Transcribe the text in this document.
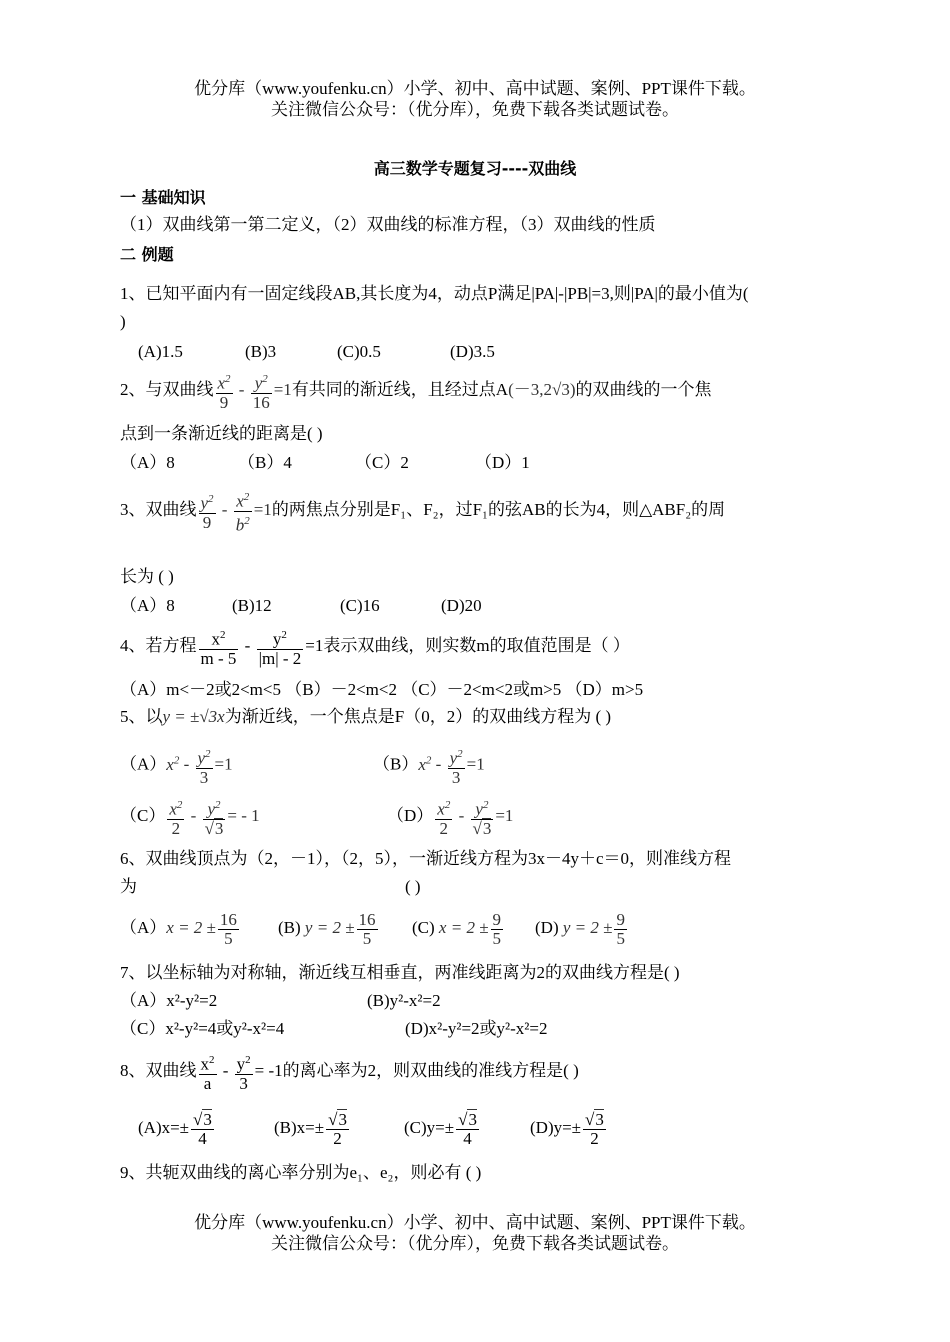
优分库（www.youfenku.cn）小学、初中、高中试题、案例、PPT课件下载。
关注微信公众号：（优分库），免费下载各类试题试卷。
高三数学专题复习----双曲线
一 基础知识
（1）双曲线第一第二定义，（2）双曲线的标准方程，（3）双曲线的性质
二 例题
1、已知平面内有一固定线段AB,其长度为4，动点P满足|PA|-|PB|=3,则|PA|的最小值为(
)
(A)1.5	(B)3	(C)0.5	(D)3.5
2、与双曲线 $\frac{x^2}{9} - \frac{y^2}{16} =1$有共同的渐近线，且经过点A(－3,2√3)的双曲线的一个焦
点到一条渐近线的距离是( )
（A）8	（B）4	（C）2	（D）1
3、双曲线 $\frac{y^2}{9} - \frac{x^2}{b^2} =1$的两焦点分别是F₁、F₂，过F₁的弦AB的长为4，则△ABF₂的周
长为 ( )
（A）8	(B)12	(C)16	(D)20
4、若方程 $\frac{x^2}{m - 5} - \frac{y^2}{|m| - 2} =1$表示双曲线，则实数m的取值范围是（ ）
（A）m<－2或2<m<5 （B）－2<m<2 （C）－2<m<2或m>5 （D）m>5
5、以y = ±√3x为渐近线，一个焦点是F（0，2）的双曲线方程为 ( )
$(A)x^2 - \frac{y^2}{3} =1$	$(B)x^2 - \frac{y^2}{3} =1$
$(C) \frac{x^2}{2} - \frac{y^2}{√3}$ = - 1	$(D) \frac{x^2}{2} - \frac{y^2}{√3} =1$
6、双曲线顶点为（2，－1），（2，5），一渐近线方程为3x－4y＋c＝0，则准线方程
为	( )
$(A)x = 2 \pm \frac{16}{5} (B) y = 2 \pm \frac{16}{5} (C) x = 2 \pm \frac{9}{5} (D) y = 2 \pm \frac{9}{5}$
7、以坐标轴为对称轴，渐近线互相垂直，两准线距离为2的双曲线方程是( )
（A）x²-y²=2	(B)y²-x²=2
（C）x²-y²=4或y²-x²=4	(D)x²-y²=2或y²-x²=2
8、双曲线 $\frac{x^2}{a} - \frac{y^2}{3} = -1$的离心率为2，则双曲线的准线方程是( )
$(A)x=\pm \frac{√3}{4}$	$(B)x=\pm \frac{√3}{2}$	$(C)y=\pm \frac{√3}{4}$	$(D)y=\pm \frac{√3}{2}$
9、共轭双曲线的离心率分别为e₁、e₂，则必有 ( )
优分库（www.youfenku.cn）小学、初中、高中试题、案例、PPT课件下载。
关注微信公众号：（优分库），免费下载各类试题试卷。
